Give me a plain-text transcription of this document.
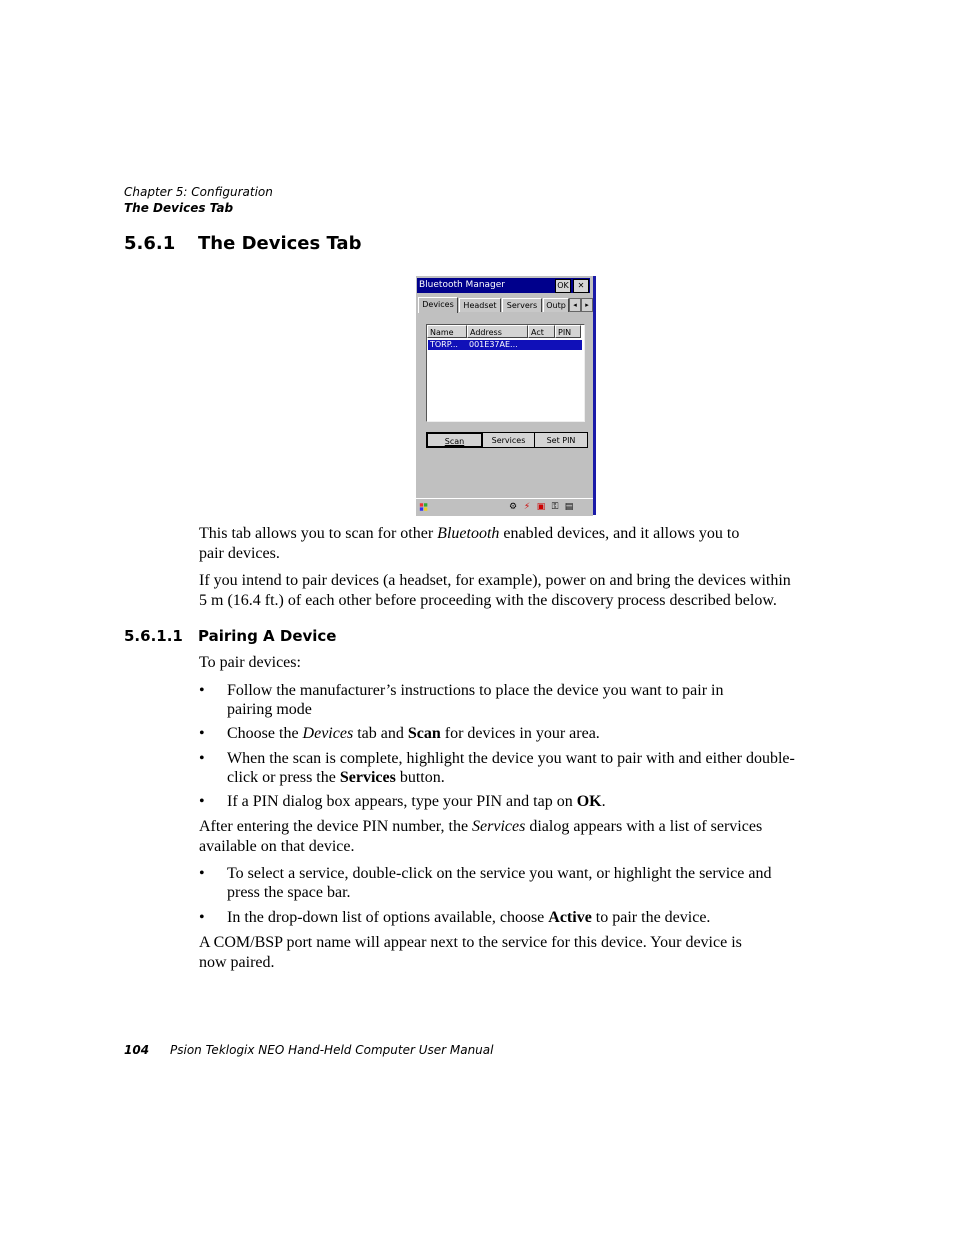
Chapter 5: Configuration
The Devices Tab
5.6.1 The Devices Tab
Bluetooth Manager	OK	✕
Devices	Headset	Servers	Outp	◂	▸
Name	Address	Act	PIN
TORP... 001E37AE...
Scan	Services	Set PIN
⚙ ⚡ ▣ ⚿ ▤
This tab allows you to scan for other Bluetooth enabled devices, and it allows you to
pair devices.
If you intend to pair devices (a headset, for example), power on and bring the devices within
5 m (16.4 ft.) of each other before proceeding with the discovery process described below.
5.6.1.1 Pairing A Device
To pair devices:
• Follow the manufacturer’s instructions to place the device you want to pair in
pairing mode
• Choose the Devices tab and Scan for devices in your area.
• When the scan is complete, highlight the device you want to pair with and either double-
click or press the Services button.
• If a PIN dialog box appears, type your PIN and tap on OK.
After entering the device PIN number, the Services dialog appears with a list of services
available on that device.
• To select a service, double-click on the service you want, or highlight the service and
press the space bar.
• In the drop-down list of options available, choose Active to pair the device.
A COM/BSP port name will appear next to the service for this device. Your device is
now paired.
104 Psion Teklogix NEO Hand-Held Computer User Manual
